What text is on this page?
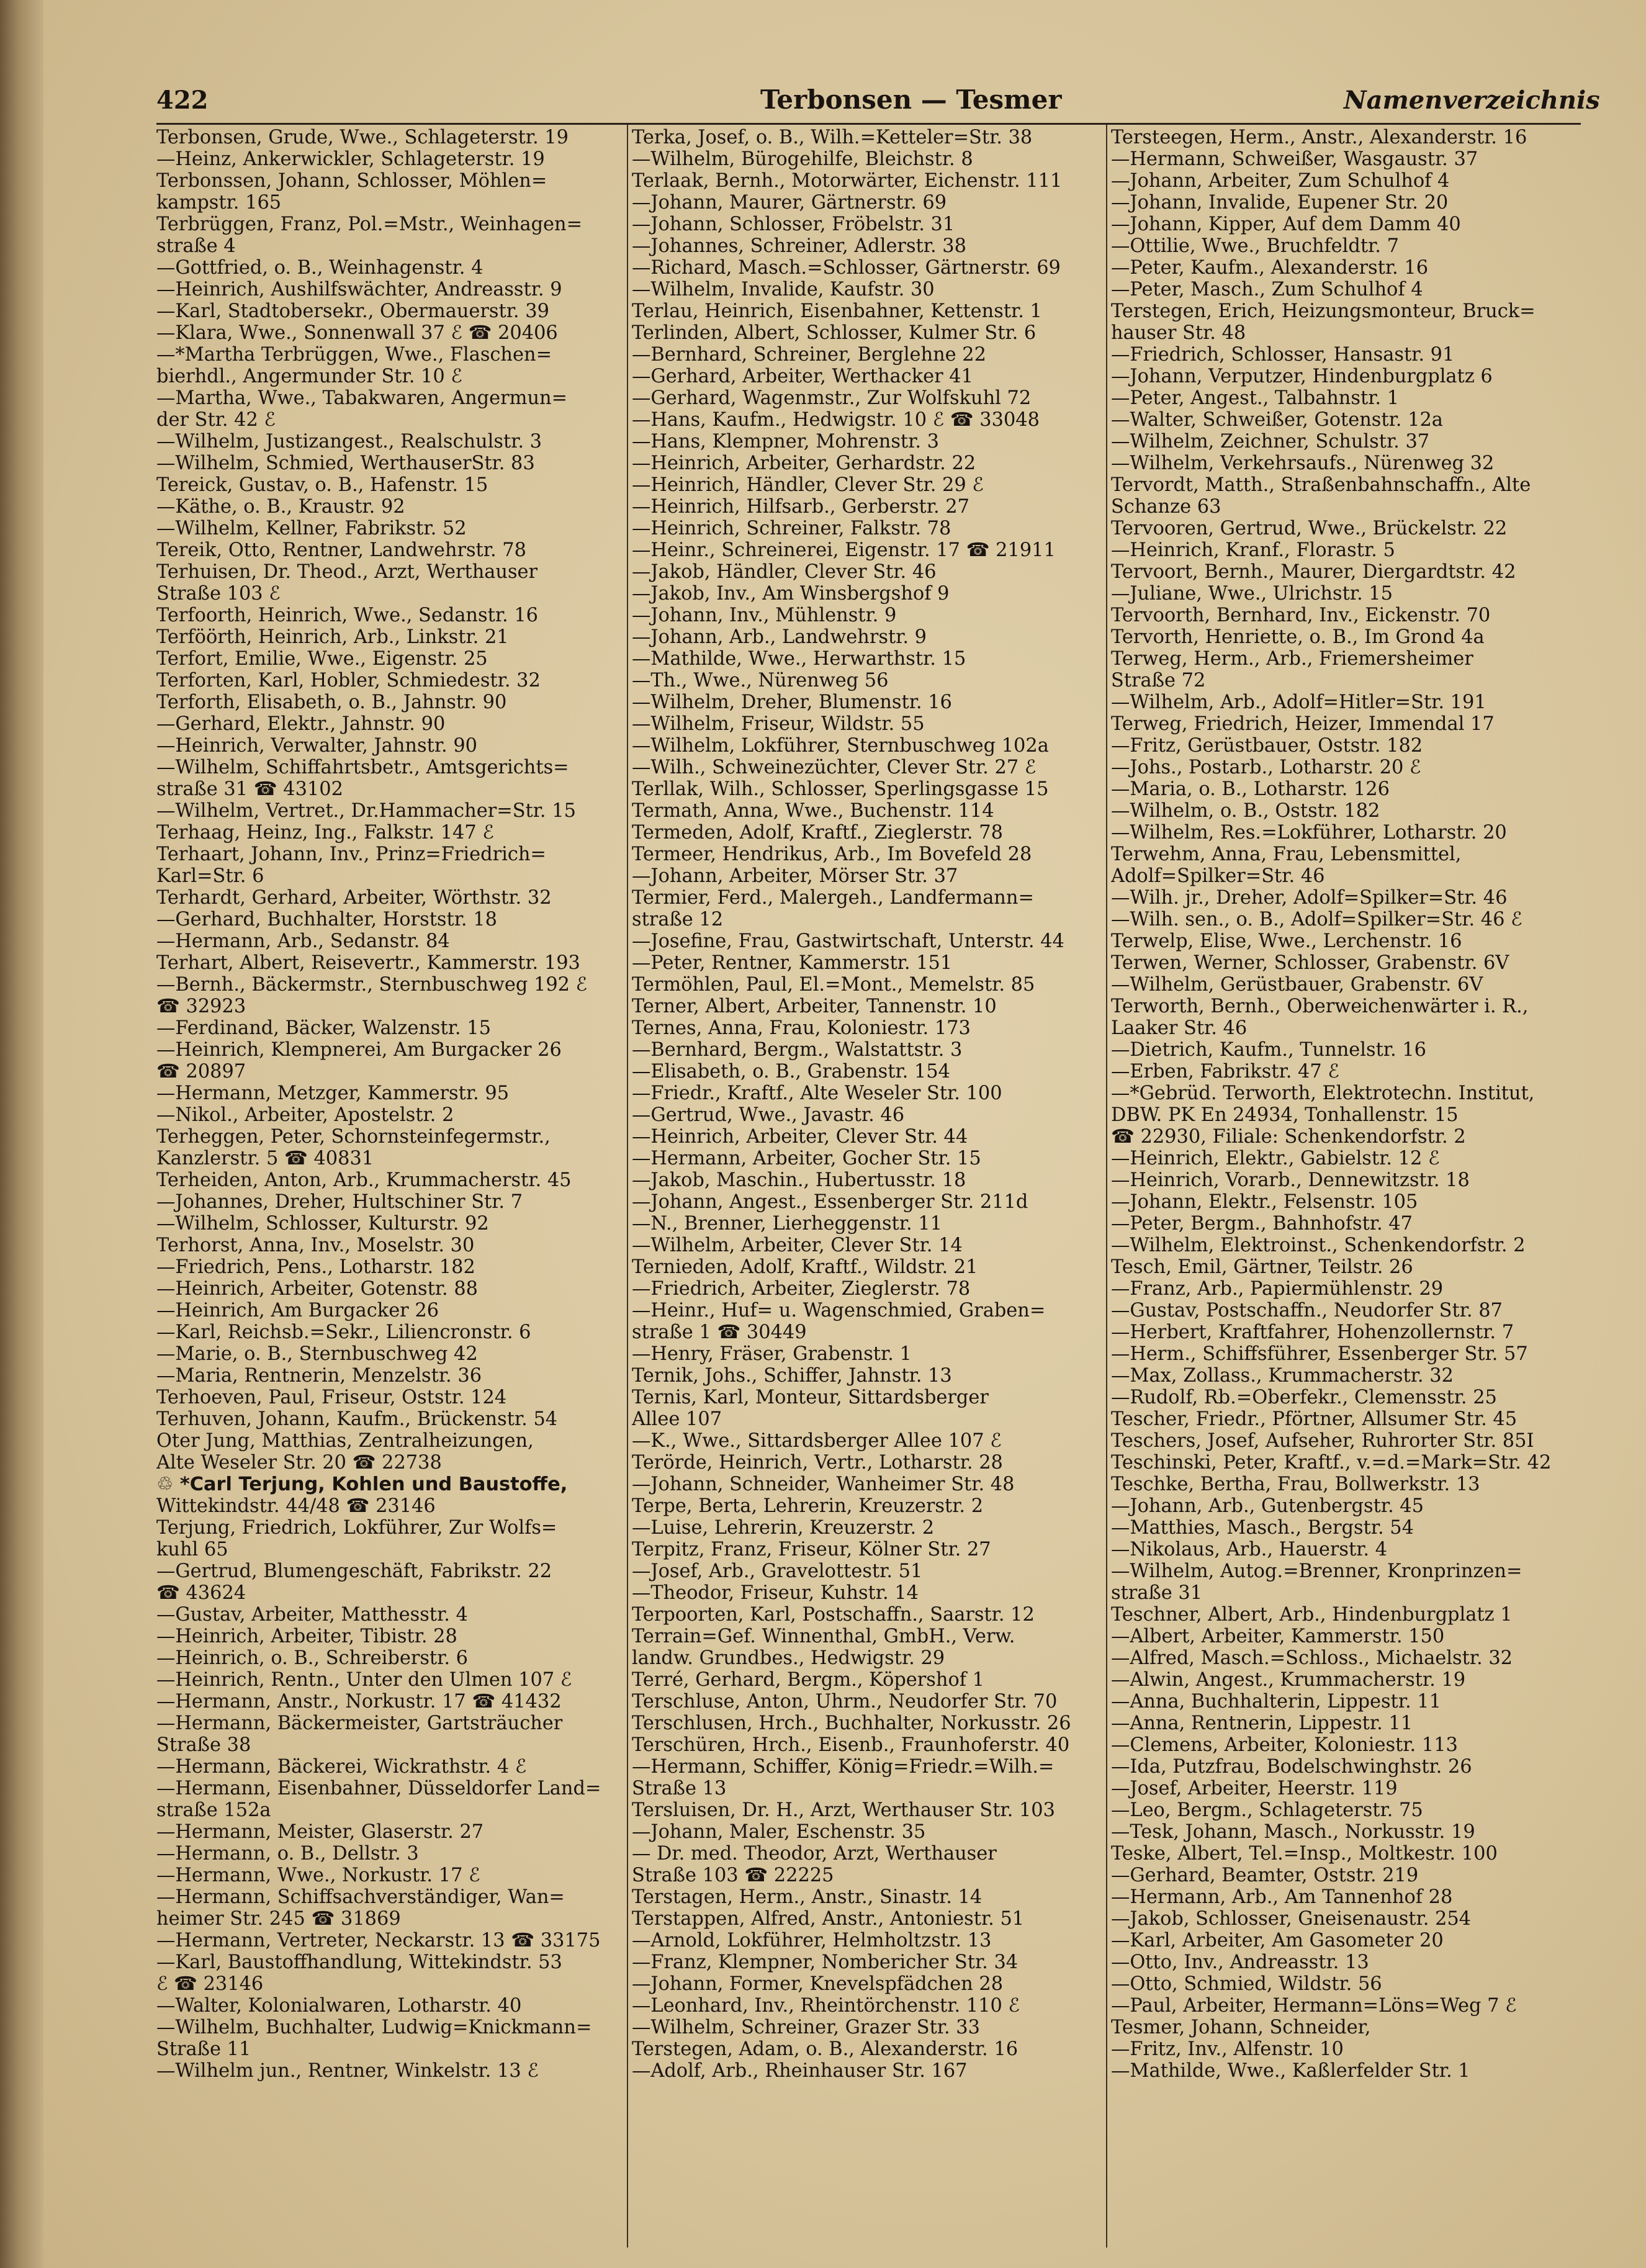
422	Terbonsen — Tesmer	Namenverzeichnis
Terbonsen, Grude, Wwe., Schlageterstr. 19
—Heinz, Ankerwickler, Schlageterstr. 19
Terbonssen, Johann, Schlosser, Möhlen=
kampstr. 165
Terbrüggen, Franz, Pol.=Mstr., Weinhagen=
straße 4
—Gottfried, o. B., Weinhagenstr. 4
—Heinrich, Aushilfswächter, Andreasstr. 9
—Karl, Stadtobersekr., Obermauerstr. 39
—Klara, Wwe., Sonnenwall 37 ℰ ☎ 20406
—*Martha Terbrüggen, Wwe., Flaschen=
bierhdl., Angermunder Str. 10 ℰ
—Martha, Wwe., Tabakwaren, Angermun=
der Str. 42 ℰ
—Wilhelm, Justizangest., Realschulstr. 3
—Wilhelm, Schmied, WerthauserStr. 83
Tereick, Gustav, o. B., Hafenstr. 15
—Käthe, o. B., Kraustr. 92
—Wilhelm, Kellner, Fabrikstr. 52
Tereik, Otto, Rentner, Landwehrstr. 78
Terhuisen, Dr. Theod., Arzt, Werthauser
Straße 103 ℰ
Terfoorth, Heinrich, Wwe., Sedanstr. 16
Terföörth, Heinrich, Arb., Linkstr. 21
Terfort, Emilie, Wwe., Eigenstr. 25
Terforten, Karl, Hobler, Schmiedestr. 32
Terforth, Elisabeth, o. B., Jahnstr. 90
—Gerhard, Elektr., Jahnstr. 90
—Heinrich, Verwalter, Jahnstr. 90
—Wilhelm, Schiffahrtsbetr., Amtsgerichts=
straße 31 ☎ 43102
—Wilhelm, Vertret., Dr.Hammacher=Str. 15
Terhaag, Heinz, Ing., Falkstr. 147 ℰ
Terhaart, Johann, Inv., Prinz=Friedrich=
Karl=Str. 6
Terhardt, Gerhard, Arbeiter, Wörthstr. 32
—Gerhard, Buchhalter, Horststr. 18
—Hermann, Arb., Sedanstr. 84
Terhart, Albert, Reisevertr., Kammerstr. 193
—Bernh., Bäckermstr., Sternbuschweg 192 ℰ
☎ 32923
—Ferdinand, Bäcker, Walzenstr. 15
—Heinrich, Klempnerei, Am Burgacker 26
☎ 20897
—Hermann, Metzger, Kammerstr. 95
—Nikol., Arbeiter, Apostelstr. 2
Terheggen, Peter, Schornsteinfegermstr.,
Kanzlerstr. 5 ☎ 40831
Terheiden, Anton, Arb., Krummacherstr. 45
—Johannes, Dreher, Hultschiner Str. 7
—Wilhelm, Schlosser, Kulturstr. 92
Terhorst, Anna, Inv., Moselstr. 30
—Friedrich, Pens., Lotharstr. 182
—Heinrich, Arbeiter, Gotenstr. 88
—Heinrich, Am Burgacker 26
—Karl, Reichsb.=Sekr., Liliencronstr. 6
—Marie, o. B., Sternbuschweg 42
—Maria, Rentnerin, Menzelstr. 36
Terhoeven, Paul, Friseur, Oststr. 124
Terhuven, Johann, Kaufm., Brückenstr. 54
Oter Jung, Matthias, Zentralheizungen,
Alte Weseler Str. 20 ☎ 22738
♲ *Carl Terjung, Kohlen und Baustoffe,
Wittekindstr. 44/48 ☎ 23146
Terjung, Friedrich, Lokführer, Zur Wolfs=
kuhl 65
—Gertrud, Blumengeschäft, Fabrikstr. 22
☎ 43624
—Gustav, Arbeiter, Matthesstr. 4
—Heinrich, Arbeiter, Tibistr. 28
—Heinrich, o. B., Schreiberstr. 6
—Heinrich, Rentn., Unter den Ulmen 107 ℰ
—Hermann, Anstr., Norkustr. 17 ☎ 41432
—Hermann, Bäckermeister, Gartsträucher
Straße 38
—Hermann, Bäckerei, Wickrathstr. 4 ℰ
—Hermann, Eisenbahner, Düsseldorfer Land=
straße 152a
—Hermann, Meister, Glaserstr. 27
—Hermann, o. B., Dellstr. 3
—Hermann, Wwe., Norkustr. 17 ℰ
—Hermann, Schiffsachverständiger, Wan=
heimer Str. 245 ☎ 31869
—Hermann, Vertreter, Neckarstr. 13 ☎ 33175
—Karl, Baustoffhandlung, Wittekindstr. 53
ℰ ☎ 23146
—Walter, Kolonialwaren, Lotharstr. 40
—Wilhelm, Buchhalter, Ludwig=Knickmann=
Straße 11
—Wilhelm jun., Rentner, Winkelstr. 13 ℰ
Terka, Josef, o. B., Wilh.=Ketteler=Str. 38
—Wilhelm, Bürogehilfe, Bleichstr. 8
Terlaak, Bernh., Motorwärter, Eichenstr. 111
—Johann, Maurer, Gärtnerstr. 69
—Johann, Schlosser, Fröbelstr. 31
—Johannes, Schreiner, Adlerstr. 38
—Richard, Masch.=Schlosser, Gärtnerstr. 69
—Wilhelm, Invalide, Kaufstr. 30
Terlau, Heinrich, Eisenbahner, Kettenstr. 1
Terlinden, Albert, Schlosser, Kulmer Str. 6
—Bernhard, Schreiner, Berglehne 22
—Gerhard, Arbeiter, Werthacker 41
—Gerhard, Wagenmstr., Zur Wolfskuhl 72
—Hans, Kaufm., Hedwigstr. 10 ℰ ☎ 33048
—Hans, Klempner, Mohrenstr. 3
—Heinrich, Arbeiter, Gerhardstr. 22
—Heinrich, Händler, Clever Str. 29 ℰ
—Heinrich, Hilfsarb., Gerberstr. 27
—Heinrich, Schreiner, Falkstr. 78
—Heinr., Schreinerei, Eigenstr. 17 ☎ 21911
—Jakob, Händler, Clever Str. 46
—Jakob, Inv., Am Winsbergshof 9
—Johann, Inv., Mühlenstr. 9
—Johann, Arb., Landwehrstr. 9
—Mathilde, Wwe., Herwarthstr. 15
—Th., Wwe., Nürenweg 56
—Wilhelm, Dreher, Blumenstr. 16
—Wilhelm, Friseur, Wildstr. 55
—Wilhelm, Lokführer, Sternbuschweg 102a
—Wilh., Schweinezüchter, Clever Str. 27 ℰ
Terllak, Wilh., Schlosser, Sperlingsgasse 15
Termath, Anna, Wwe., Buchenstr. 114
Termeden, Adolf, Kraftf., Zieglerstr. 78
Termeer, Hendrikus, Arb., Im Bovefeld 28
—Johann, Arbeiter, Mörser Str. 37
Termier, Ferd., Malergeh., Landfermann=
straße 12
—Josefine, Frau, Gastwirtschaft, Unterstr. 44
—Peter, Rentner, Kammerstr. 151
Termöhlen, Paul, El.=Mont., Memelstr. 85
Terner, Albert, Arbeiter, Tannenstr. 10
Ternes, Anna, Frau, Koloniestr. 173
—Bernhard, Bergm., Walstattstr. 3
—Elisabeth, o. B., Grabenstr. 154
—Friedr., Kraftf., Alte Weseler Str. 100
—Gertrud, Wwe., Javastr. 46
—Heinrich, Arbeiter, Clever Str. 44
—Hermann, Arbeiter, Gocher Str. 15
—Jakob, Maschin., Hubertusstr. 18
—Johann, Angest., Essenberger Str. 211d
—N., Brenner, Lierheggenstr. 11
—Wilhelm, Arbeiter, Clever Str. 14
Terniеden, Adolf, Kraftf., Wildstr. 21
—Friedrich, Arbeiter, Zieglerstr. 78
—Heinr., Huf= u. Wagenschmied, Graben=
straße 1 ☎ 30449
—Henry, Fräser, Grabenstr. 1
Ternik, Johs., Schiffer, Jahnstr. 13
Ternis, Karl, Monteur, Sittardsberger
Allee 107
—K., Wwe., Sittardsberger Allee 107 ℰ
Terörde, Heinrich, Vertr., Lotharstr. 28
—Johann, Schneider, Wanheimer Str. 48
Terpe, Berta, Lehrerin, Kreuzerstr. 2
—Luise, Lehrerin, Kreuzerstr. 2
Terpitz, Franz, Friseur, Kölner Str. 27
—Josef, Arb., Gravelottestr. 51
—Theodor, Friseur, Kuhstr. 14
Terpoorten, Karl, Postschaffn., Saarstr. 12
Terrain=Gef. Winnenthal, GmbH., Verw.
landw. Grundbes., Hedwigstr. 29
Terré, Gerhard, Bergm., Köpershof 1
Terschluse, Anton, Uhrm., Neudorfer Str. 70
Terschlusen, Hrch., Buchhalter, Norkusstr. 26
Terschüren, Hrch., Eisenb., Fraunhoferstr. 40
—Hermann, Schiffer, König=Friedr.=Wilh.=
Straße 13
Tersluisen, Dr. H., Arzt, Werthauser Str. 103
—Johann, Maler, Eschenstr. 35
— Dr. med. Theodor, Arzt, Werthauser
Straße 103 ☎ 22225
Terstagen, Herm., Anstr., Sinastr. 14
Terstappen, Alfred, Anstr., Antoniestr. 51
—Arnold, Lokführer, Helmholtzstr. 13
—Franz, Klempner, Nombericher Str. 34
—Johann, Former, Knevelspfädchen 28
—Leonhard, Inv., Rheintörchenstr. 110 ℰ
—Wilhelm, Schreiner, Grazer Str. 33
Terstegen, Adam, o. B., Alexanderstr. 16
—Adolf, Arb., Rheinhauser Str. 167
Tersteegen, Herm., Anstr., Alexanderstr. 16
—Hermann, Schweißer, Wasgaustr. 37
—Johann, Arbeiter, Zum Schulhof 4
—Johann, Invalide, Eupener Str. 20
—Johann, Kipper, Auf dem Damm 40
—Ottilie, Wwe., Bruchfeldtr. 7
—Peter, Kaufm., Alexanderstr. 16
—Peter, Masch., Zum Schulhof 4
Terstegen, Erich, Heizungsmonteur, Bruck=
hauser Str. 48
—Friedrich, Schlosser, Hansastr. 91
—Johann, Verputzer, Hindenburgplatz 6
—Peter, Angest., Talbahnstr. 1
—Walter, Schweißer, Gotenstr. 12a
—Wilhelm, Zeichner, Schulstr. 37
—Wilhelm, Verkehrsaufs., Nürenweg 32
Tervordt, Matth., Straßenbahnschaffn., Alte
Schanze 63
Tervooren, Gertrud, Wwe., Brückelstr. 22
—Heinrich, Kranf., Florastr. 5
Tervoort, Bernh., Maurer, Diergardtstr. 42
—Juliane, Wwe., Ulrichstr. 15
Tervoorth, Bernhard, Inv., Eickenstr. 70
Tervorth, Henriette, o. B., Im Grond 4a
Terweg, Herm., Arb., Friemersheimer
Straße 72
—Wilhelm, Arb., Adolf=Hitler=Str. 191
Terweg, Friedrich, Heizer, Immendal 17
—Fritz, Gerüstbauer, Oststr. 182
—Johs., Postarb., Lotharstr. 20 ℰ
—Maria, o. B., Lotharstr. 126
—Wilhelm, o. B., Oststr. 182
—Wilhelm, Res.=Lokführer, Lotharstr. 20
Terwehm, Anna, Frau, Lebensmittel,
Adolf=Spilker=Str. 46
—Wilh. jr., Dreher, Adolf=Spilker=Str. 46
—Wilh. sen., o. B., Adolf=Spilker=Str. 46 ℰ
Terwelp, Elise, Wwe., Lerchenstr. 16
Terwen, Werner, Schlosser, Grabenstr. 6V
—Wilhelm, Gerüstbauer, Grabenstr. 6V
Terworth, Bernh., Oberweichenwärter i. R.,
Laaker Str. 46
—Dietrich, Kaufm., Tunnelstr. 16
—Erben, Fabrikstr. 47 ℰ
—*Gebrüd. Terworth, Elektrotechn. Institut,
DBW. PK En 24934, Tonhallenstr. 15
☎ 22930, Filiale: Schenkendorfstr. 2
—Heinrich, Elektr., Gabielstr. 12 ℰ
—Heinrich, Vorarb., Dennewitzstr. 18
—Johann, Elektr., Felsenstr. 105
—Peter, Bergm., Bahnhofstr. 47
—Wilhelm, Elektroinst., Schenkendorfstr. 2
Tesch, Emil, Gärtner, Teilstr. 26
—Franz, Arb., Papiermühlenstr. 29
—Gustav, Postschaffn., Neudorfer Str. 87
—Herbert, Kraftfahrer, Hohenzollernstr. 7
—Herm., Schiffsführer, Essenberger Str. 57
—Max, Zollass., Krummacherstr. 32
—Rudolf, Rb.=Oberfekr., Clemensstr. 25
Tescher, Friedr., Pförtner, Allsumer Str. 45
Teschers, Josef, Aufseher, Ruhrorter Str. 85I
Teschinski, Peter, Kraftf., v.=d.=Mark=Str. 42
Teschke, Bertha, Frau, Bollwerkstr. 13
—Johann, Arb., Gutenbergstr. 45
—Matthies, Masch., Bergstr. 54
—Nikolaus, Arb., Hauerstr. 4
—Wilhelm, Autog.=Brenner, Kronprinzen=
straße 31
Teschner, Albert, Arb., Hindenburgplatz 1
—Albert, Arbeiter, Kammerstr. 150
—Alfred, Masch.=Schloss., Michaelstr. 32
—Alwin, Angest., Krummacherstr. 19
—Anna, Buchhalterin, Lippestr. 11
—Anna, Rentnerin, Lippestr. 11
—Clemens, Arbeiter, Koloniestr. 113
—Ida, Putzfrau, Bodelschwinghstr. 26
—Josef, Arbeiter, Heerstr. 119
—Leo, Bergm., Schlageterstr. 75
—Tesk, Johann, Masch., Norkusstr. 19
Teske, Albert, Tel.=Insp., Moltkestr. 100
—Gerhard, Beamter, Oststr. 219
—Hermann, Arb., Am Tannenhof 28
—Jakob, Schlosser, Gneisenaustr. 254
—Karl, Arbeiter, Am Gasometer 20
—Otto, Inv., Andreasstr. 13
—Otto, Schmied, Wildstr. 56
—Paul, Arbeiter, Hermann=Löns=Weg 7 ℰ
Tesmer, Johann, Schneider,
—Fritz, Inv., Alfenstr. 10
—Mathilde, Wwe., Kaßlerfelder Str. 1
